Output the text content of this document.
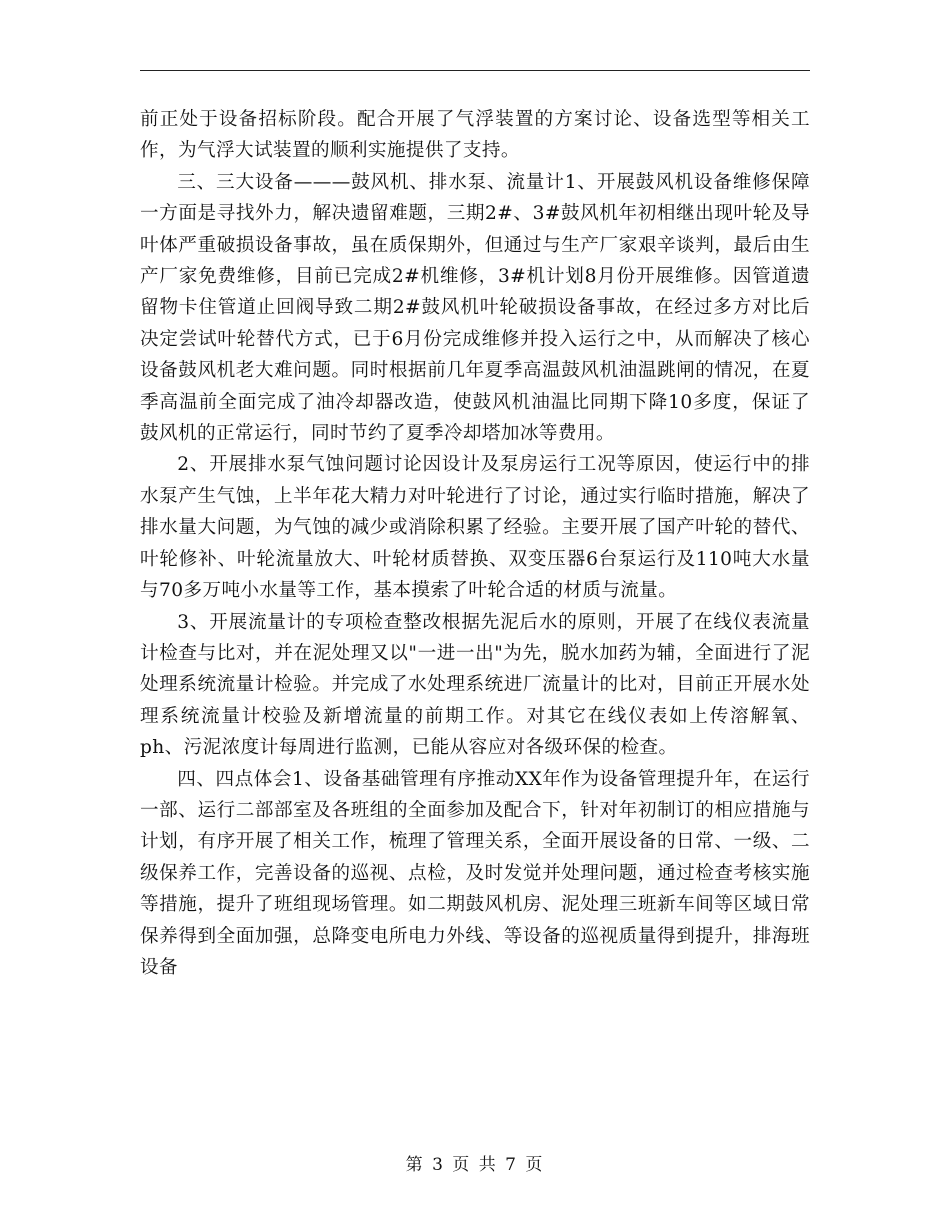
前正处于设备招标阶段。配合开展了气浮装置的方案讨论、设备选型等相关工作，为气浮大试装置的顺利实施提供了支持。

三、三大设备———鼓风机、排水泵、流量计1、开展鼓风机设备维修保障一方面是寻找外力，解决遗留难题，三期2#、3#鼓风机年初相继出现叶轮及导叶体严重破损设备事故，虽在质保期外，但通过与生产厂家艰辛谈判，最后由生产厂家免费维修，目前已完成2#机维修，3#机计划8月份开展维修。因管道遗留物卡住管道止回阀导致二期2#鼓风机叶轮破损设备事故，在经过多方对比后决定尝试叶轮替代方式，已于6月份完成维修并投入运行之中，从而解决了核心设备鼓风机老大难问题。同时根据前几年夏季高温鼓风机油温跳闸的情况，在夏季高温前全面完成了油冷却器改造，使鼓风机油温比同期下降10多度，保证了鼓风机的正常运行，同时节约了夏季冷却塔加冰等费用。

2、开展排水泵气蚀问题讨论因设计及泵房运行工况等原因，使运行中的排水泵产生气蚀，上半年花大精力对叶轮进行了讨论，通过实行临时措施，解决了排水量大问题，为气蚀的减少或消除积累了经验。主要开展了国产叶轮的替代、叶轮修补、叶轮流量放大、叶轮材质替换、双变压器6台泵运行及110吨大水量与70多万吨小水量等工作，基本摸索了叶轮合适的材质与流量。

3、开展流量计的专项检查整改根据先泥后水的原则，开展了在线仪表流量计检查与比对，并在泥处理又以"一进一出"为先，脱水加药为辅，全面进行了泥处理系统流量计检验。并完成了水处理系统进厂流量计的比对，目前正开展水处理系统流量计校验及新增流量的前期工作。对其它在线仪表如上传溶解氧、ph、污泥浓度计每周进行监测，已能从容应对各级环保的检查。

四、四点体会1、设备基础管理有序推动XX年作为设备管理提升年，在运行一部、运行二部部室及各班组的全面参加及配合下，针对年初制订的相应措施与计划，有序开展了相关工作，梳理了管理关系，全面开展设备的日常、一级、二级保养工作，完善设备的巡视、点检，及时发觉并处理问题，通过检查考核实施等措施，提升了班组现场管理。如二期鼓风机房、泥处理三班新车间等区域日常保养得到全面加强，总降变电所电力外线、等设备的巡视质量得到提升，排海班设备

第 3 页 共 7 页
